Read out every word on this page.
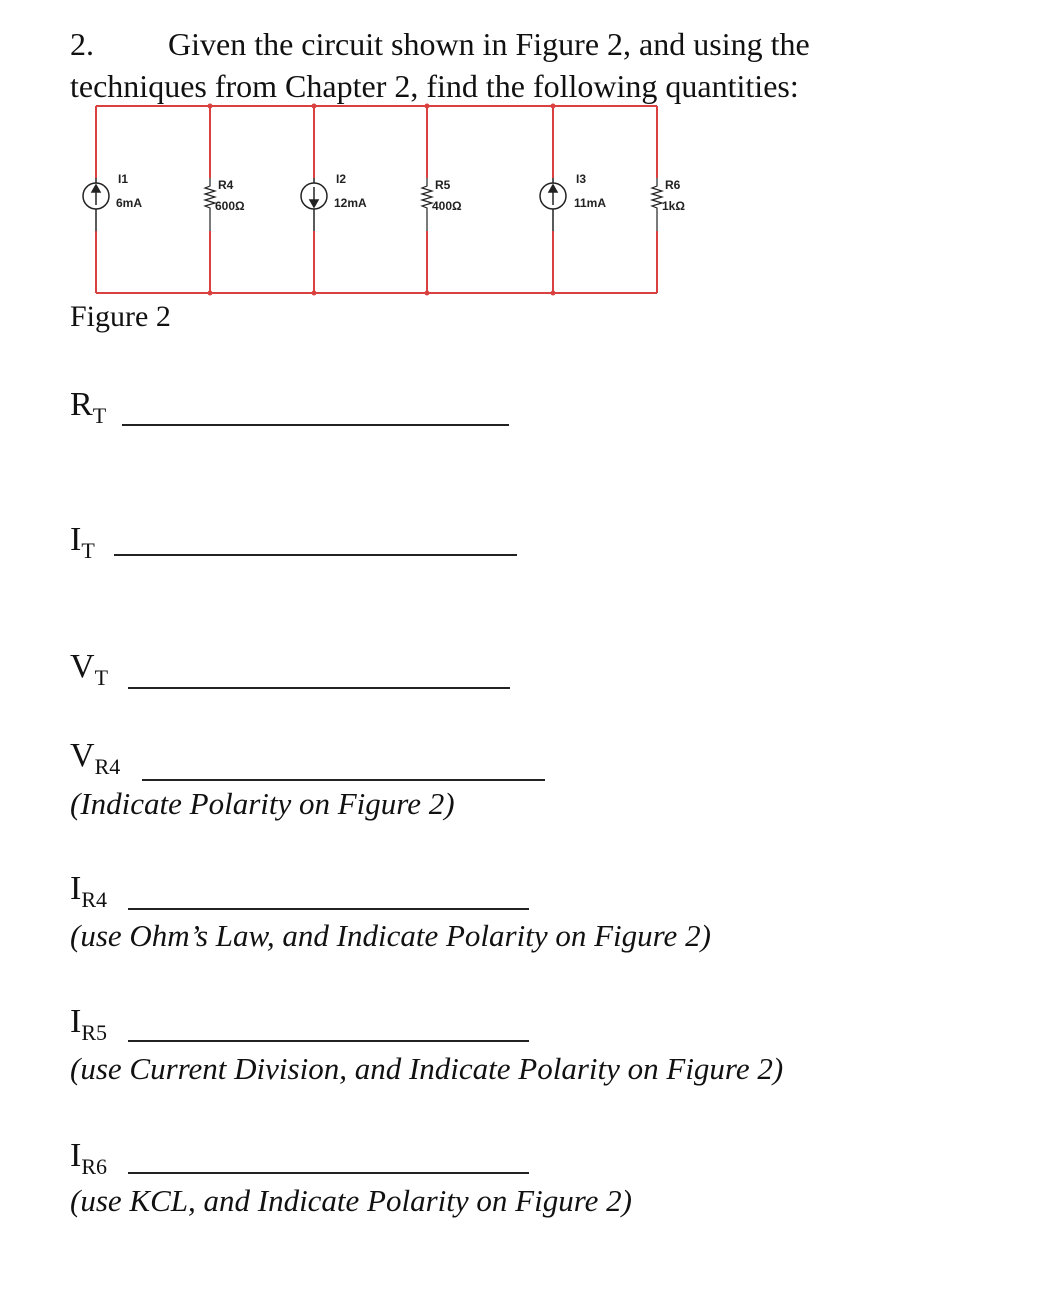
2. Given the circuit shown in Figure 2, and using the
techniques from Chapter 2, find the following quantities:
I1
6mA
R4
600Ω
I2
12mA
R5
400Ω
I3
11mA
R6
1kΩ
Figure 2
$R_T$
$I_T$
$V_T$
$V_{R4}$
(Indicate Polarity on Figure 2)
$I_{R4}$
(use Ohm’s Law, and Indicate Polarity on Figure 2)
$I_{R5}$
(use Current Division, and Indicate Polarity on Figure 2)
$I_{R6}$
(use KCL, and Indicate Polarity on Figure 2)
